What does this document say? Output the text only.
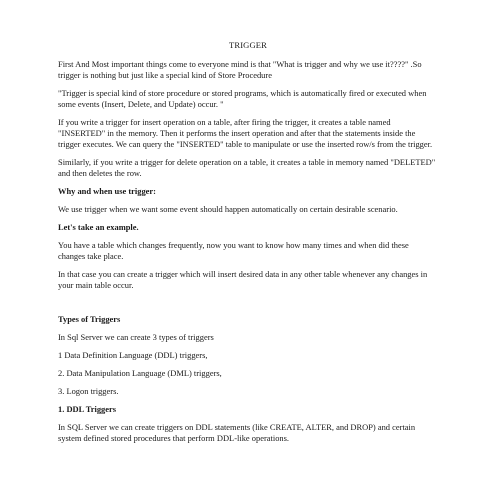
TRIGGER

First And Most important things come to everyone mind is that "What is trigger and why we use it????" .So trigger is nothing but just like a special kind of Store Procedure

"Trigger is special kind of store procedure or stored programs, which is automatically fired or executed when some events (Insert, Delete, and Update) occur. "

If you write a trigger for insert operation on a table, after firing the trigger, it creates a table named "INSERTED" in the memory. Then it performs the insert operation and after that the statements inside the trigger executes. We can query the "INSERTED" table to manipulate or use the inserted row/s from the trigger.

Similarly, if you write a trigger for delete operation on a table, it creates a table in memory named "DELETED" and then deletes the row.

Why and when use trigger:

We use trigger when we want some event should happen automatically on certain desirable scenario.

Let's take an example.

You have a table which changes frequently, now you want to know how many times and when did these changes take place.

In that case you can create a trigger which will insert desired data in any other table whenever any changes in your main table occur.

Types of Triggers

In Sql Server we can create 3 types of triggers

1 Data Definition Language (DDL) triggers,

2. Data Manipulation Language (DML) triggers,

3. Logon triggers.

1. DDL Triggers

In SQL Server we can create triggers on DDL statements (like CREATE, ALTER, and DROP) and certain system defined stored procedures that perform DDL-like operations.
